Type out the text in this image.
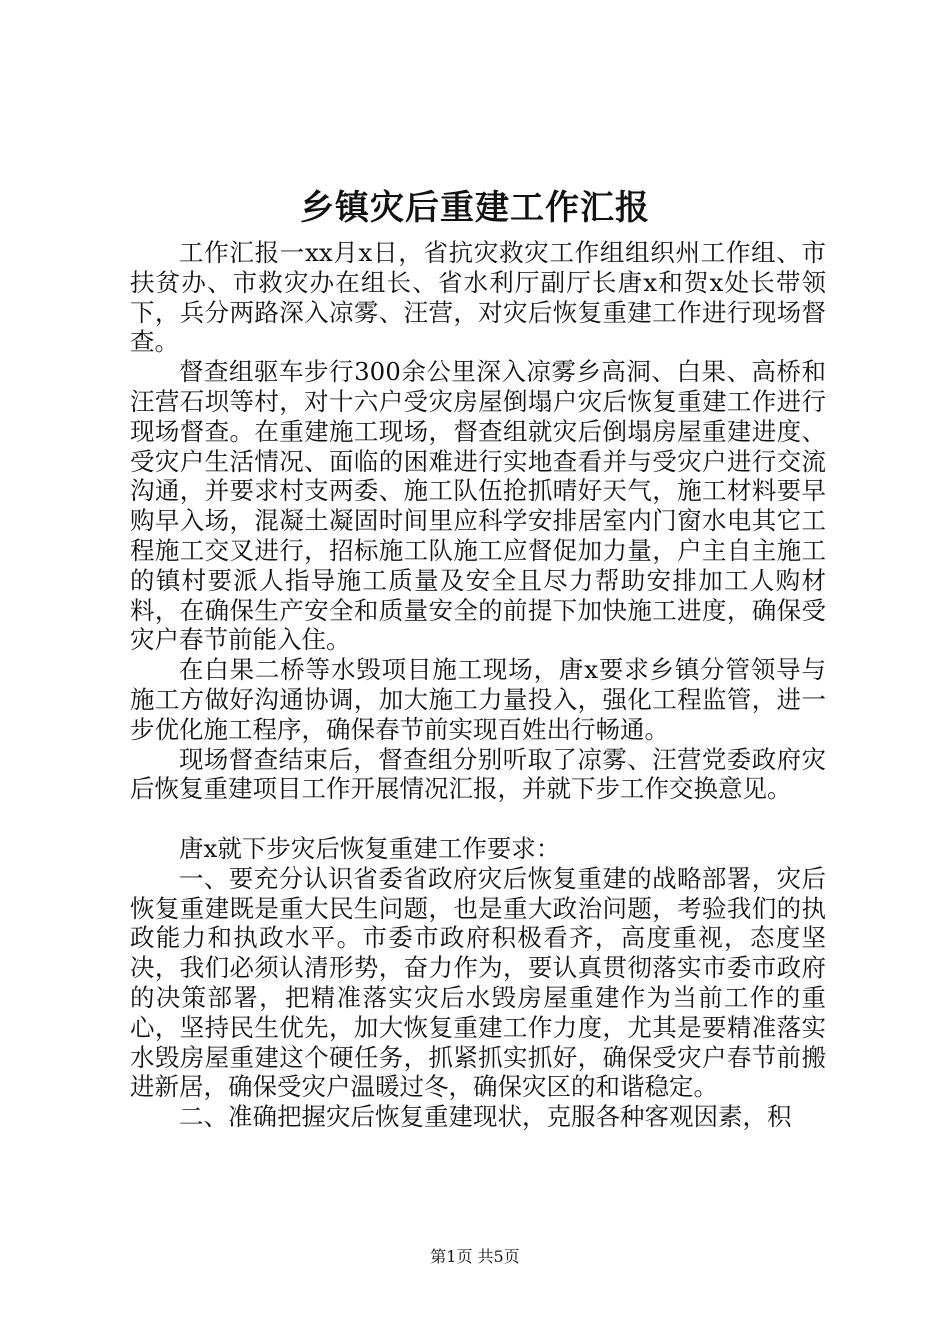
乡镇灾后重建工作汇报

工作汇报一xx月x日，省抗灾救灾工作组组织州工作组、市扶贫办、市救灾办在组长、省水利厅副厅长唐x和贺x处长带领下，兵分两路深入凉雾、汪营，对灾后恢复重建工作进行现场督查。

督查组驱车步行300余公里深入凉雾乡高洞、白果、高桥和汪营石坝等村，对十六户受灾房屋倒塌户灾后恢复重建工作进行现场督查。在重建施工现场，督查组就灾后倒塌房屋重建进度、受灾户生活情况、面临的困难进行实地查看并与受灾户进行交流沟通，并要求村支两委、施工队伍抢抓晴好天气，施工材料要早购早入场，混凝土凝固时间里应科学安排居室内门窗水电其它工程施工交叉进行，招标施工队施工应督促加力量，户主自主施工的镇村要派人指导施工质量及安全且尽力帮助安排加工人购材料，在确保生产安全和质量安全的前提下加快施工进度，确保受灾户春节前能入住。

在白果二桥等水毁项目施工现场，唐x要求乡镇分管领导与施工方做好沟通协调，加大施工力量投入，强化工程监管，进一步优化施工程序，确保春节前实现百姓出行畅通。

现场督查结束后，督查组分别听取了凉雾、汪营党委政府灾后恢复重建项目工作开展情况汇报，并就下步工作交换意见。

唐x就下步灾后恢复重建工作要求：

一、要充分认识省委省政府灾后恢复重建的战略部署，灾后恢复重建既是重大民生问题，也是重大政治问题，考验我们的执政能力和执政水平。市委市政府积极看齐，高度重视，态度坚决，我们必须认清形势，奋力作为，要认真贯彻落实市委市政府的决策部署，把精准落实灾后水毁房屋重建作为当前工作的重心，坚持民生优先，加大恢复重建工作力度，尤其是要精准落实水毁房屋重建这个硬任务，抓紧抓实抓好，确保受灾户春节前搬进新居，确保受灾户温暖过冬，确保灾区的和谐稳定。

二、准确把握灾后恢复重建现状，克服各种客观因素，积

第1页 共5页
